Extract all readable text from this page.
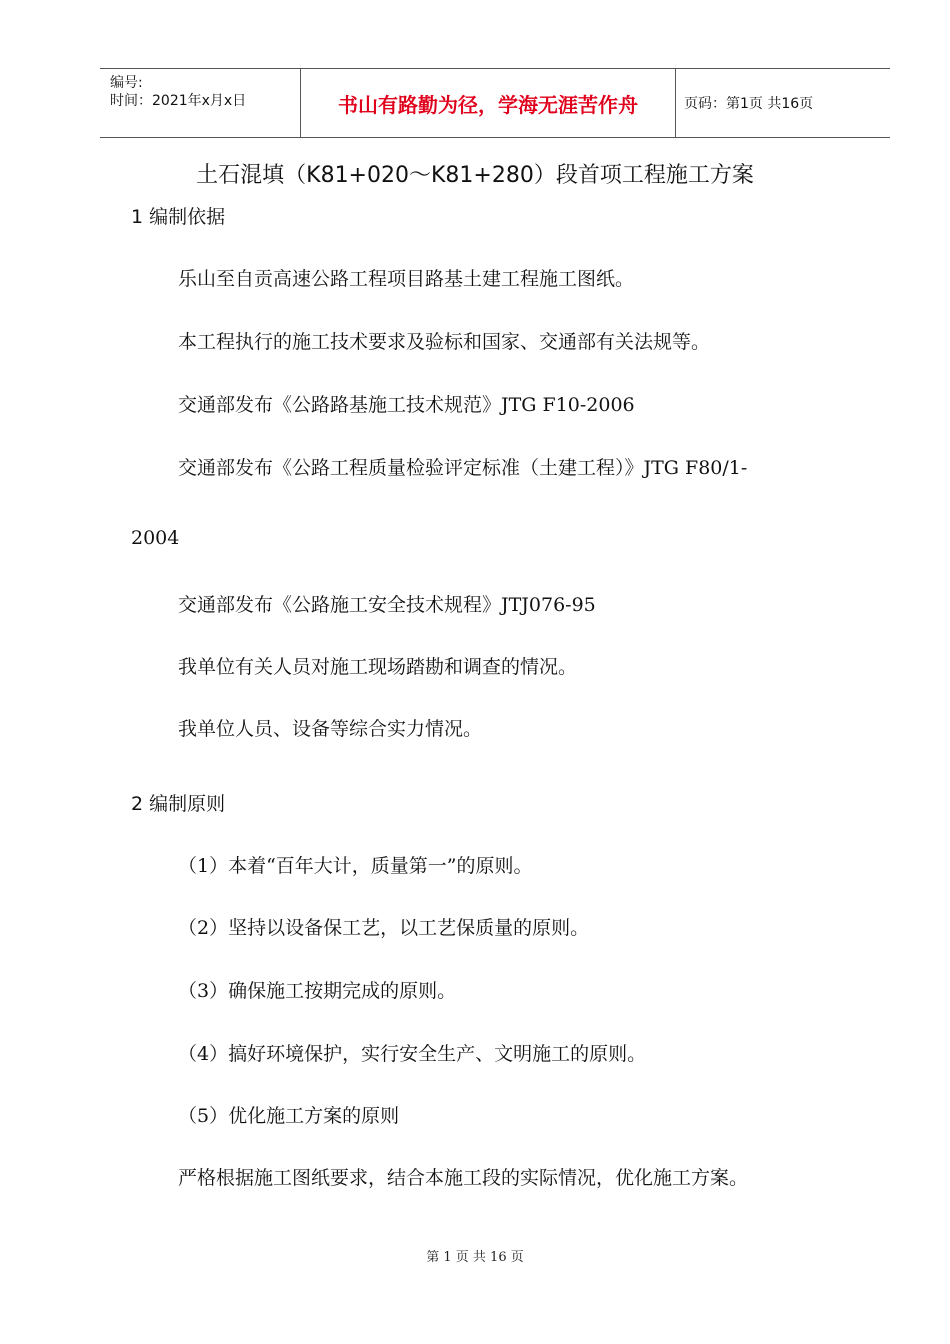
编号:
时间：2021年x月x日	书山有路勤为径，学海无涯苦作舟	页码：第1页 共16页
土石混填（K81+020～K81+280）段首项工程施工方案
1 编制依据
乐山至自贡高速公路工程项目路基土建工程施工图纸。
本工程执行的施工技术要求及验标和国家、交通部有关法规等。
交通部发布《公路路基施工技术规范》JTG F10-2006
交通部发布《公路工程质量检验评定标准（土建工程）》JTG F80/1-
2004
交通部发布《公路施工安全技术规程》JTJ076-95
我单位有关人员对施工现场踏勘和调查的情况。
我单位人员、设备等综合实力情况。
2 编制原则
（1）本着“百年大计，质量第一”的原则。
（2）坚持以设备保工艺，以工艺保质量的原则。
（3）确保施工按期完成的原则。
（4）搞好环境保护，实行安全生产、文明施工的原则。
（5）优化施工方案的原则
严格根据施工图纸要求，结合本施工段的实际情况，优化施工方案。
第 1 页 共 16 页
